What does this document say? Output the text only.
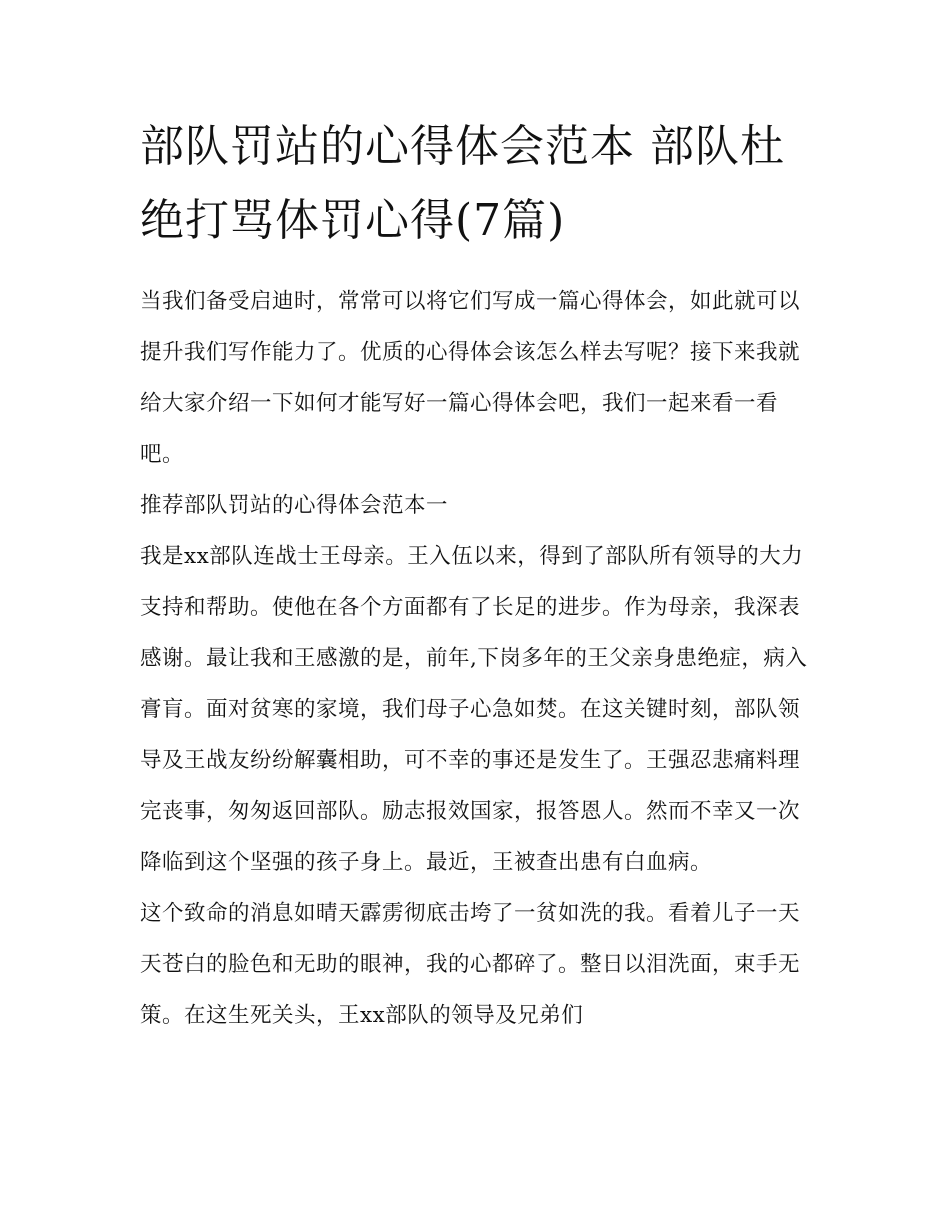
部队罚站的心得体会范本 部队杜绝打骂体罚心得(7篇)

当我们备受启迪时，常常可以将它们写成一篇心得体会，如此就可以提升我们写作能力了。优质的心得体会该怎么样去写呢？接下来我就给大家介绍一下如何才能写好一篇心得体会吧，我们一起来看一看吧。

推荐部队罚站的心得体会范本一

我是xx部队连战士王母亲。王入伍以来，得到了部队所有领导的大力支持和帮助。使他在各个方面都有了长足的进步。作为母亲，我深表感谢。最让我和王感激的是，前年,下岗多年的王父亲身患绝症，病入膏肓。面对贫寒的家境，我们母子心急如焚。在这关键时刻，部队领导及王战友纷纷解囊相助，可不幸的事还是发生了。王强忍悲痛料理完丧事，匆匆返回部队。励志报效国家，报答恩人。然而不幸又一次降临到这个坚强的孩子身上。最近，王被查出患有白血病。

这个致命的消息如晴天霹雳彻底击垮了一贫如洗的我。看着儿子一天天苍白的脸色和无助的眼神，我的心都碎了。整日以泪洗面，束手无策。在这生死关头，王xx部队的领导及兄弟们
